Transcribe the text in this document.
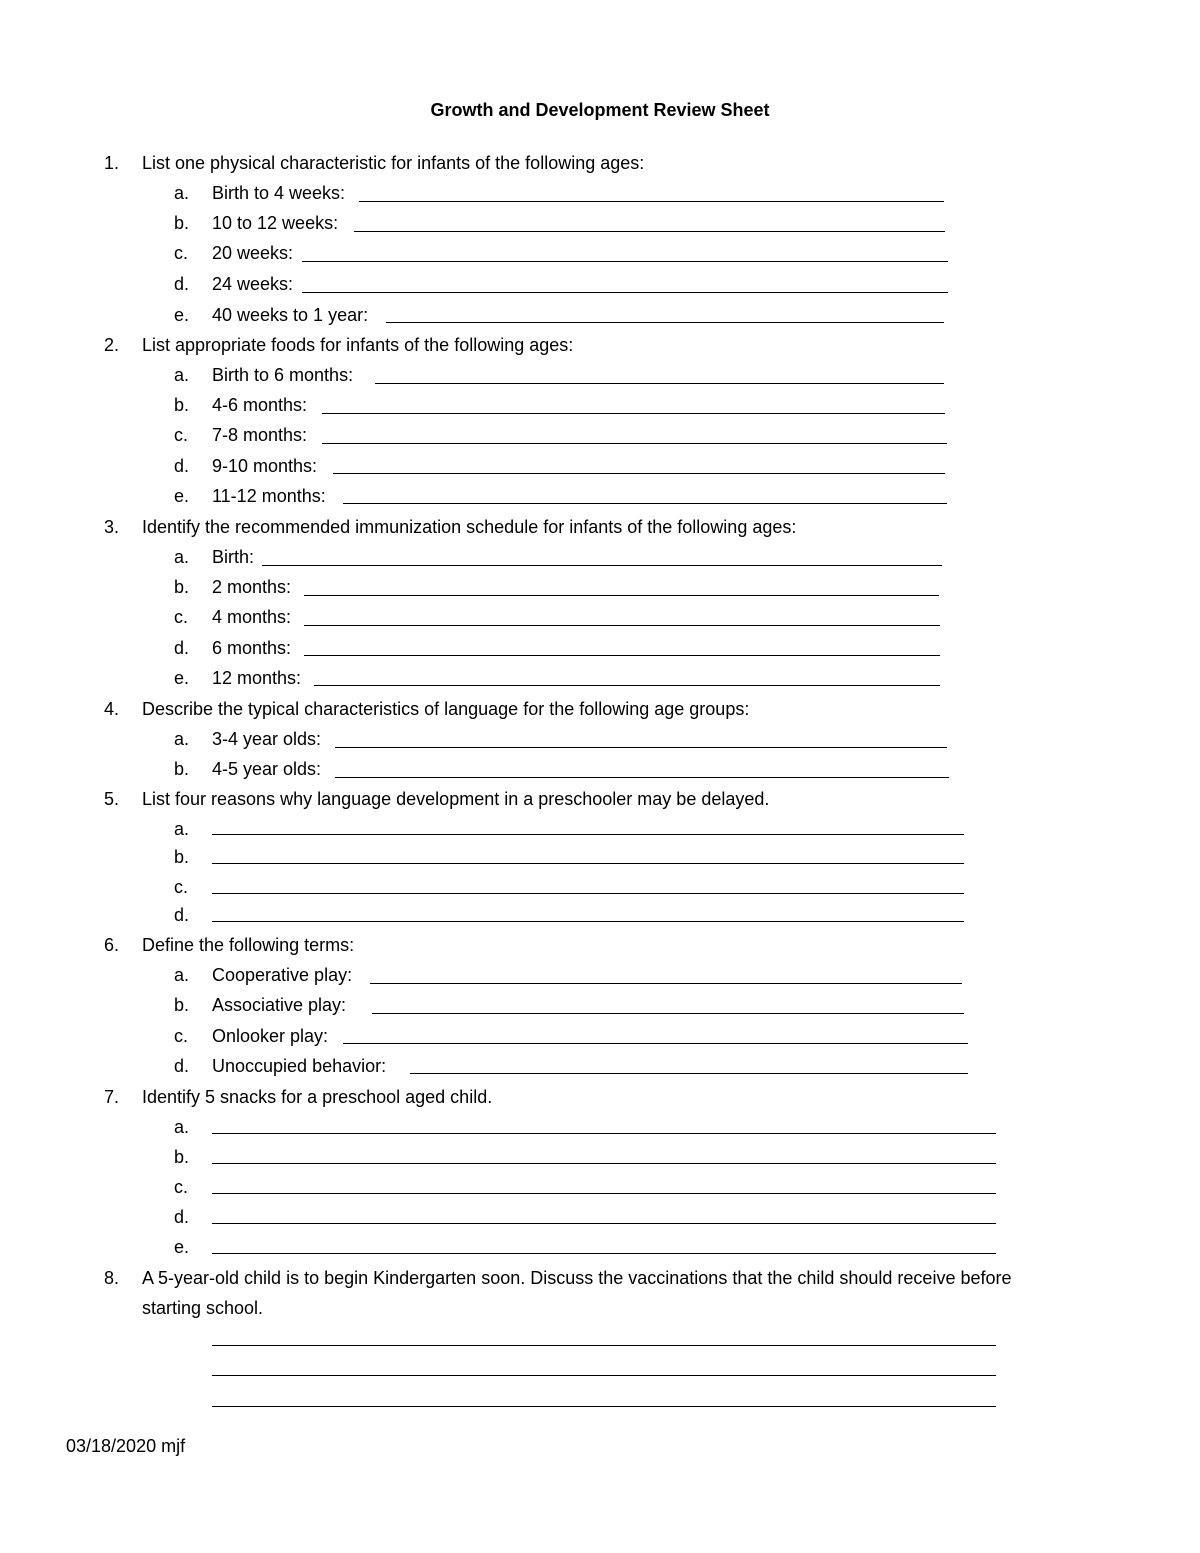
Growth and Development Review Sheet
1.	List one physical characteristic for infants of the following ages:
a. Birth to 4 weeks:
b. 10 to 12 weeks:
c. 20 weeks:
d. 24 weeks:
e. 40 weeks to 1 year:
2.	List appropriate foods for infants of the following ages:
a. Birth to 6 months:
b. 4-6 months:
c. 7-8 months:
d. 9-10 months:
e. 11-12 months:
3.	Identify the recommended immunization schedule for infants of the following ages:
a. Birth:
b. 2 months:
c. 4 months:
d. 6 months:
e. 12 months:
4.	Describe the typical characteristics of language for the following age groups:
a. 3-4 year olds:
b. 4-5 year olds:
5.	List four reasons why language development in a preschooler may be delayed.
a.
b.
c.
d.
6.	Define the following terms:
a. Cooperative play:
b. Associative play:
c. Onlooker play:
d. Unoccupied behavior:
7.	Identify 5 snacks for a preschool aged child.
a.
b.
c.
d.
e.
8.	A 5-year-old child is to begin Kindergarten soon. Discuss the vaccinations that the child should receive before
starting school.
03/18/2020 mjf
